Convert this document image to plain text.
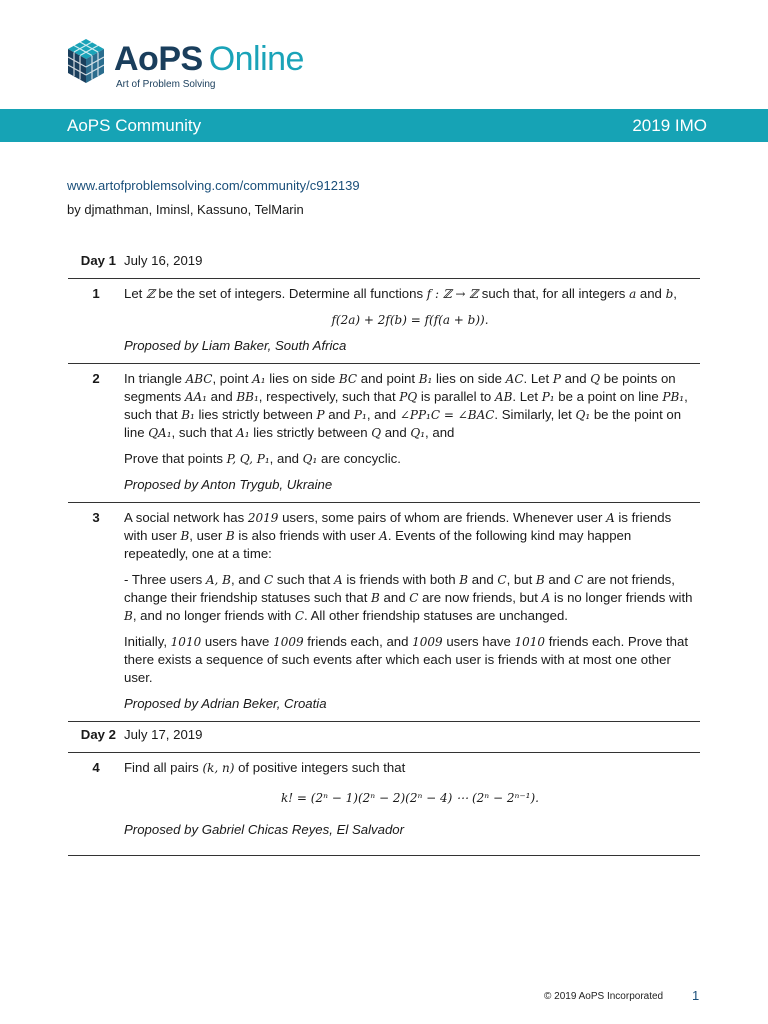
AoPS Online
Art of Problem Solving
AoPS Community	2019 IMO
www.artofproblemsolving.com/community/c912139
by djmathman, Iminsl, Kassuno, TelMarin
Day 1 July 16, 2019
1	Let ℤ be the set of integers. Determine all functions f : ℤ → ℤ such that, for all integers a and b,

f(2a) + 2f(b) = f(f(a + b)).

Proposed by Liam Baker, South Africa

2	In triangle ABC, point A₁ lies on side BC and point B₁ lies on side AC. Let P and Q be points on segments AA₁ and BB₁, respectively, such that PQ is parallel to AB. Let P₁ be a point on line PB₁, such that B₁ lies strictly between P and P₁, and ∠PP₁C = ∠BAC. Similarly, let Q₁ be the point on line QA₁, such that A₁ lies strictly between Q and Q₁, and

Prove that points P, Q, P₁, and Q₁ are concyclic.

Proposed by Anton Trygub, Ukraine

3	A social network has 2019 users, some pairs of whom are friends. Whenever user A is friends with user B, user B is also friends with user A. Events of the following kind may happen repeatedly, one at a time:

- Three users A, B, and C such that A is friends with both B and C, but B and C are not friends, change their friendship statuses such that B and C are now friends, but A is no longer friends with B, and no longer friends with C. All other friendship statuses are unchanged.

Initially, 1010 users have 1009 friends each, and 1009 users have 1010 friends each. Prove that there exists a sequence of such events after which each user is friends with at most one other user.

Proposed by Adrian Beker, Croatia

Day 2 July 17, 2019
4	Find all pairs (k, n) of positive integers such that

k! = (2ⁿ − 1)(2ⁿ − 2)(2ⁿ − 4) ⋯ (2ⁿ − 2ⁿ⁻¹).

Proposed by Gabriel Chicas Reyes, El Salvador

© 2019 AoPS Incorporated 1
